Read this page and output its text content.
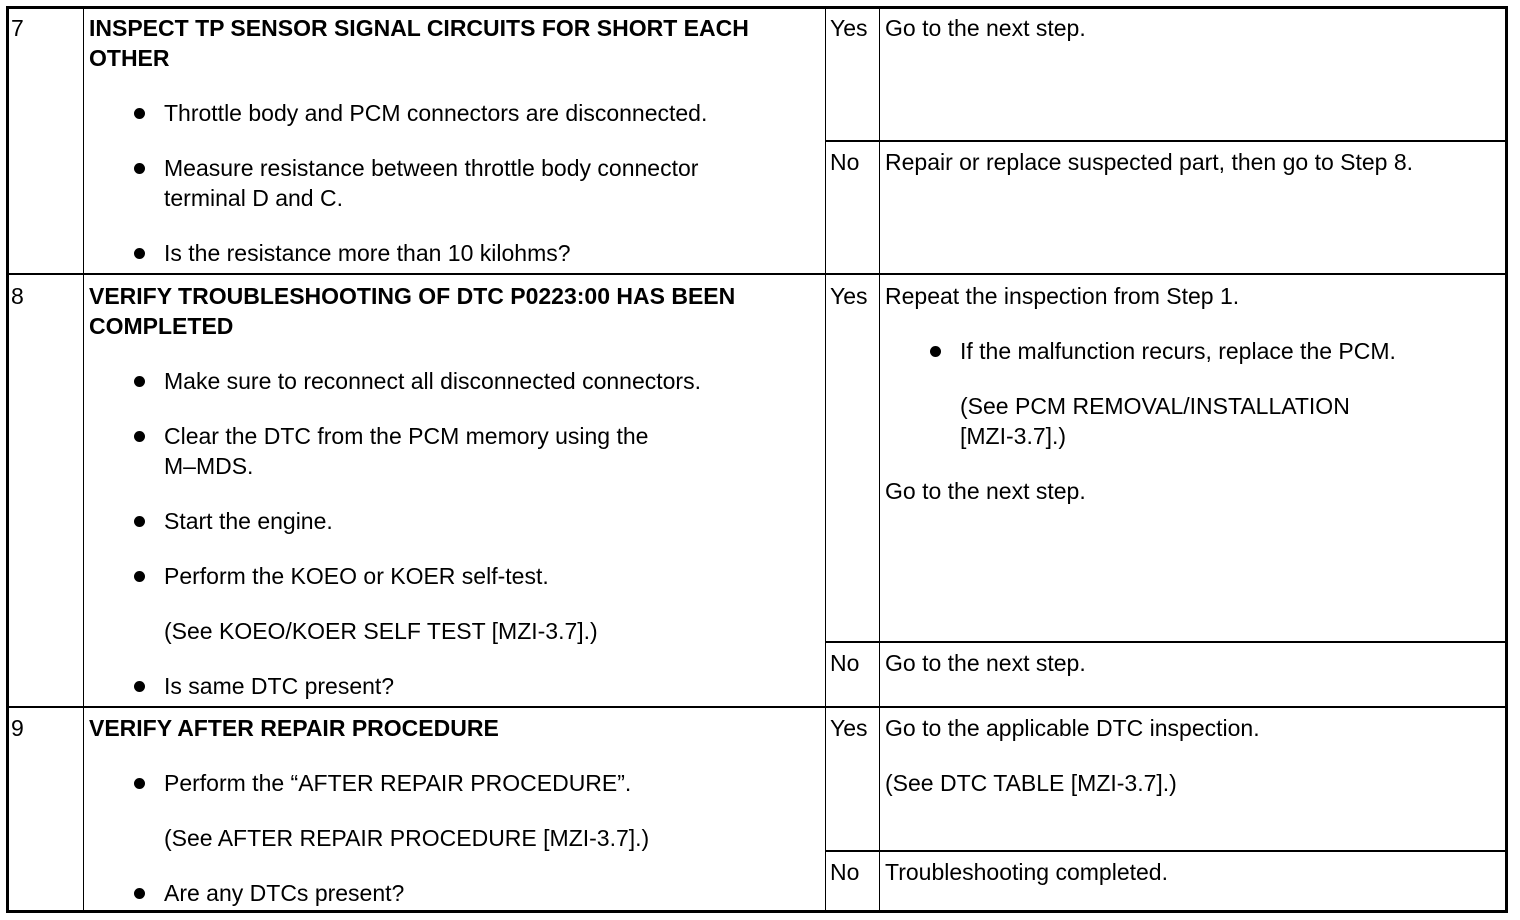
7	INSPECT TP SENSOR SIGNAL CIRCUITS FOR SHORT EACH
OTHER
Throttle body and PCM connectors are disconnected.
Measure resistance between throttle body connector
terminal D and C.
Is the resistance more than 10 kilohms?
Yes Go to the next step.
No Repair or replace suspected part, then go to Step 8.
8	VERIFY TROUBLESHOOTING OF DTC P0223:00 HAS BEEN
COMPLETED
Make sure to reconnect all disconnected connectors.
Clear the DTC from the PCM memory using the
M–MDS.
Start the engine.
Perform the KOEO or KOER self-test.
(See KOEO/KOER SELF TEST [MZI-3.7].)
Is same DTC present?
Yes Repeat the inspection from Step 1.
If the malfunction recurs, replace the PCM.
(See PCM REMOVAL/INSTALLATION
[MZI-3.7].)
Go to the next step.
No Go to the next step.
9	VERIFY AFTER REPAIR PROCEDURE
Perform the “AFTER REPAIR PROCEDURE”.
(See AFTER REPAIR PROCEDURE [MZI-3.7].)
Are any DTCs present?
Yes Go to the applicable DTC inspection.
(See DTC TABLE [MZI-3.7].)
No Troubleshooting completed.
